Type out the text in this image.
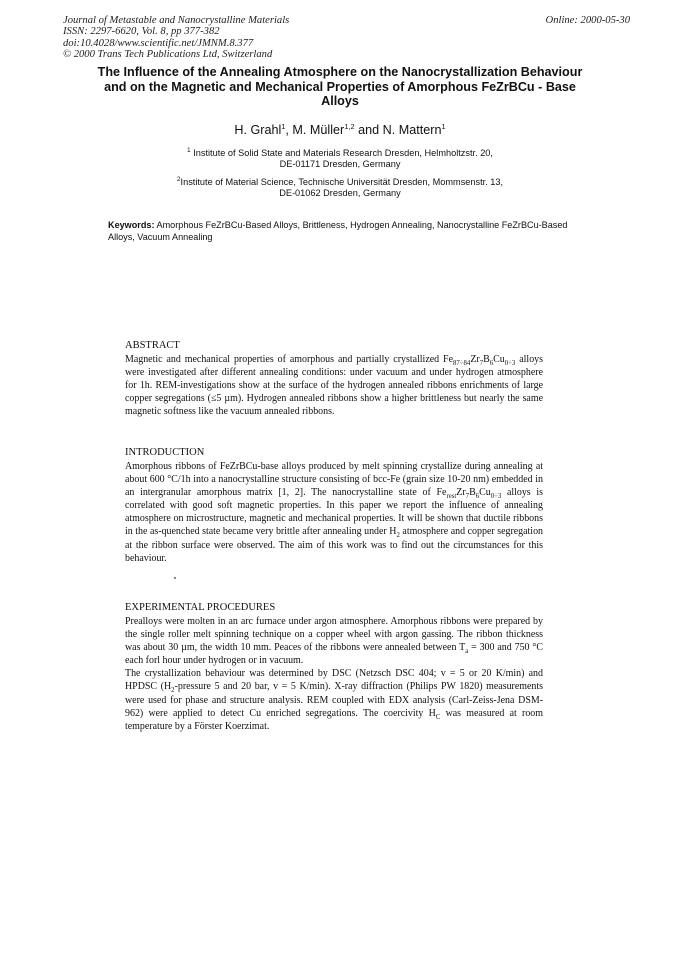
Journal of Metastable and Nanocrystalline Materials
ISSN: 2297-6620, Vol. 8, pp 377-382
doi:10.4028/www.scientific.net/JMNM.8.377
© 2000 Trans Tech Publications Ltd, Switzerland
Online: 2000-05-30
The Influence of the Annealing Atmosphere on the Nanocrystallization Behaviour and on the Magnetic and Mechanical Properties of Amorphous FeZrBCu - Base Alloys
H. Grahl$^1$, M. Müller$^{1,2}$ and N. Mattern$^1$
$^1$ Institute of Solid State and Materials Research Dresden, Helmholtzstr. 20,
DE-01171 Dresden, Germany
$^2$Institute of Material Science, Technische Universität Dresden, Mommsenstr. 13,
DE-01062 Dresden, Germany
Keywords: Amorphous FeZrBCu-Based Alloys, Brittleness, Hydrogen Annealing, Nanocrystalline FeZrBCu-Based Alloys, Vacuum Annealing
ABSTRACT
Magnetic and mechanical properties of amorphous and partially crystallized $Fe_{87\div 84}Zr_7B_6Cu_{0\div 3}$ alloys were investigated after different annealing conditions: under vacuum and under hydrogen atmosphere for 1h. REM-investigations show at the surface of the hydrogen annealed ribbons enrichments of large copper segregations (≤5 µm). Hydrogen annealed ribbons show a higher brittleness but nearly the same magnetic softness like the vacuum annealed ribbons.
INTRODUCTION
Amorphous ribbons of FeZrBCu-base alloys produced by melt spinning crystallize during annealing at about 600 °C/1h into a nanocrystalline structure consisting of bcc-Fe (grain size 10-20 nm) embedded in an intergranular amorphous matrix [1, 2]. The nanocrystalline state of $Fe_{rest}Zr_7B_6Cu_{0\div 3}$ alloys is correlated with good soft magnetic properties. In this paper we report the influence of annealing atmosphere on microstructure, magnetic and mechanical properties. It will be shown that ductile ribbons in the as-quenched state became very brittle after annealing under $H_2$ atmosphere and copper segregation at the ribbon surface were observed. The aim of this work was to find out the circumstances for this behaviour.
EXPERIMENTAL PROCEDURES
Prealloys were molten in an arc furnace under argon atmosphere. Amorphous ribbons were prepared by the single roller melt spinning technique on a copper wheel with argon gassing. The ribbon thickness was about 30 µm, the width 10 mm. Peaces of the ribbons were annealed between $T_a = 300$ and 750 °C each forl hour under hydrogen or in vacuum.
The crystallization behaviour was determined by DSC (Netzsch DSC 404; v = 5 or 20 K/min) and HPDSC ($H_2$-pressure 5 and 20 bar, v = 5 K/min). X-ray diffraction (Philips PW 1820) measurements were used for phase and structure analysis. REM coupled with EDX analysis (Carl-Zeiss-Jena DSM-962) were applied to detect Cu enriched segregations. The coercivity $H_C$ was measured at room temperature by a Förster Koerzimat.
